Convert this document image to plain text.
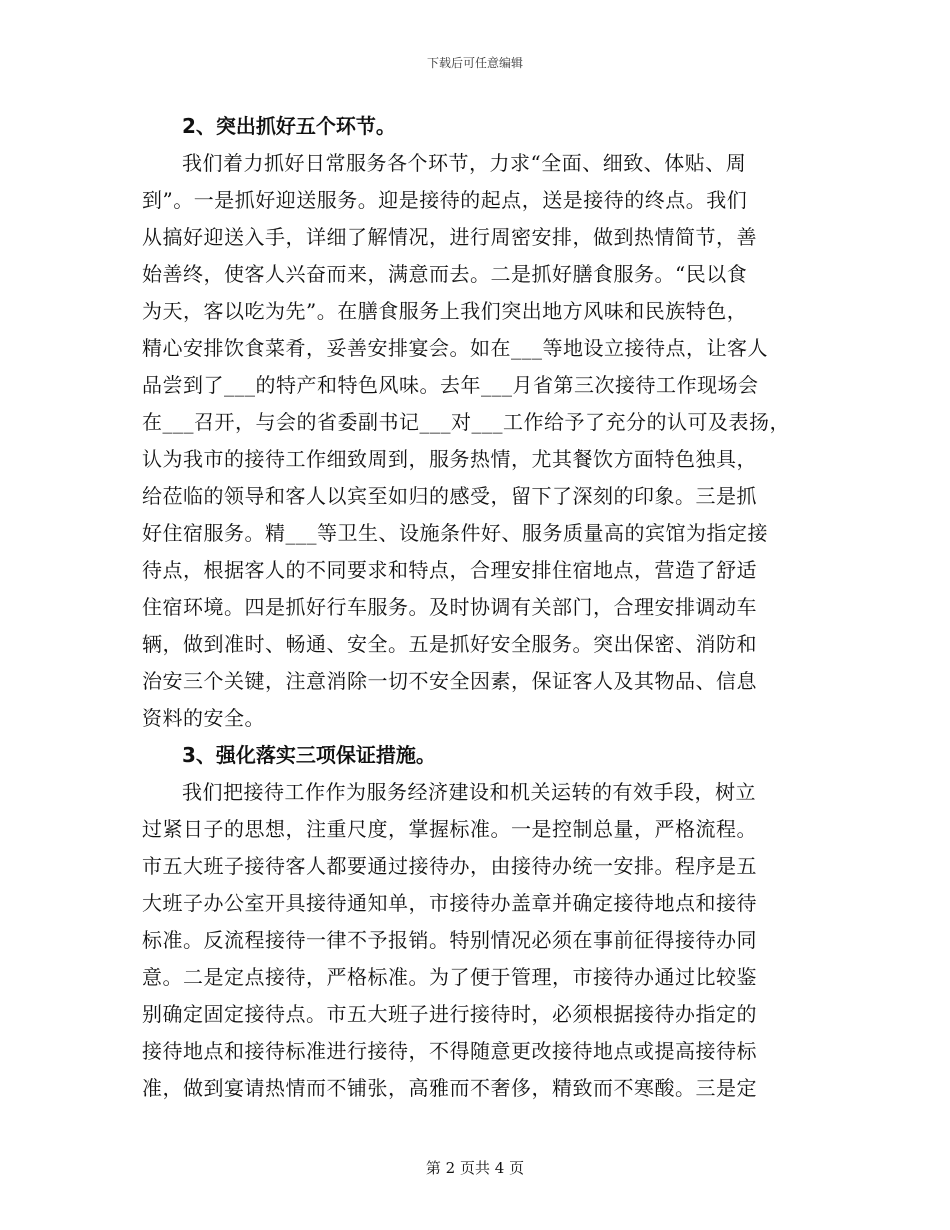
下载后可任意编辑
2、突出抓好五个环节。
我们着力抓好日常服务各个环节，力求“全面、细致、体贴、周
到”。一是抓好迎送服务。迎是接待的起点，送是接待的终点。我们
从搞好迎送入手，详细了解情况，进行周密安排，做到热情简节，善
始善终，使客人兴奋而来，满意而去。二是抓好膳食服务。“民以食
为天，客以吃为先”。在膳食服务上我们突出地方风味和民族特色，
精心安排饮食菜肴，妥善安排宴会。如在___等地设立接待点，让客人
品尝到了___的特产和特色风味。去年___月省第三次接待工作现场会
在___召开，与会的省委副书记___对___工作给予了充分的认可及表扬，
认为我市的接待工作细致周到，服务热情，尤其餐饮方面特色独具，
给莅临的领导和客人以宾至如归的感受，留下了深刻的印象。三是抓
好住宿服务。精___等卫生、设施条件好、服务质量高的宾馆为指定接
待点，根据客人的不同要求和特点，合理安排住宿地点，营造了舒适
住宿环境。四是抓好行车服务。及时协调有关部门，合理安排调动车
辆，做到准时、畅通、安全。五是抓好安全服务。突出保密、消防和
治安三个关键，注意消除一切不安全因素，保证客人及其物品、信息
资料的安全。
3、强化落实三项保证措施。
我们把接待工作作为服务经济建设和机关运转的有效手段，树立
过紧日子的思想，注重尺度，掌握标准。一是控制总量，严格流程。
市五大班子接待客人都要通过接待办，由接待办统一安排。程序是五
大班子办公室开具接待通知单，市接待办盖章并确定接待地点和接待
标准。反流程接待一律不予报销。特别情况必须在事前征得接待办同
意。二是定点接待，严格标准。为了便于管理，市接待办通过比较鉴
别确定固定接待点。市五大班子进行接待时，必须根据接待办指定的
接待地点和接待标准进行接待，不得随意更改接待地点或提高接待标
准，做到宴请热情而不铺张，高雅而不奢侈，精致而不寒酸。三是定
第 2 页共 4 页
